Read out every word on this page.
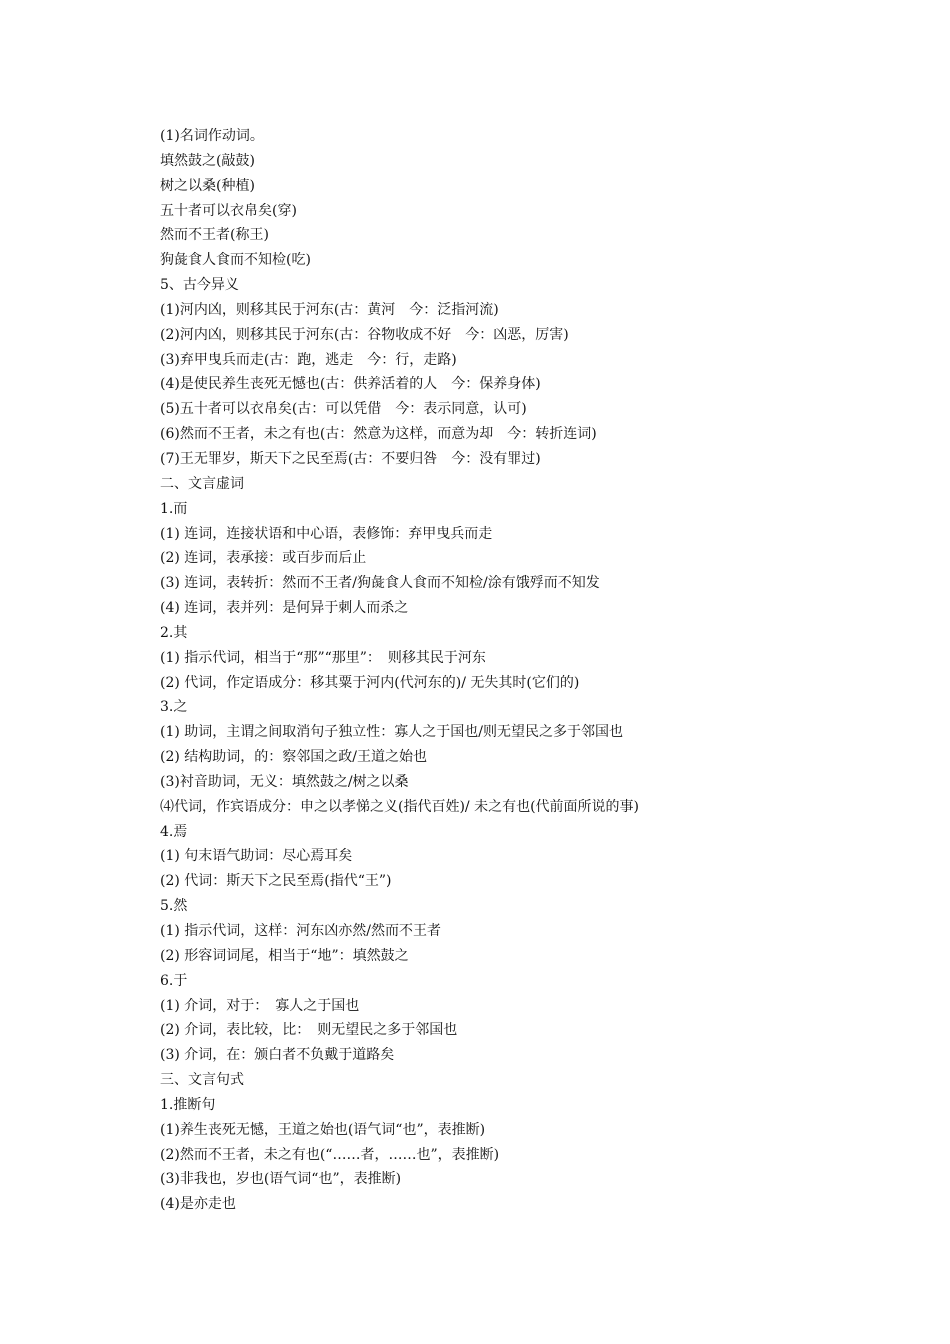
(1)名词作动词。
填然鼓之(敲鼓)
树之以桑(种植)
五十者可以衣帛矣(穿)
然而不王者(称王)
狗彘食人食而不知检(吃)
5、古今异义
(1)河内凶，则移其民于河东(古：黄河　今：泛指河流)
(2)河内凶，则移其民于河东(古：谷物收成不好　今：凶恶，厉害)
(3)弃甲曳兵而走(古：跑，逃走　今：行，走路)
(4)是使民养生丧死无憾也(古：供养活着的人　今：保养身体)
(5)五十者可以衣帛矣(古：可以凭借　今：表示同意，认可)
(6)然而不王者，未之有也(古：然意为这样，而意为却　今：转折连词)
(7)王无罪岁，斯天下之民至焉(古：不要归咎　今：没有罪过)
二、文言虚词
1.而
(1) 连词，连接状语和中心语，表修饰：弃甲曳兵而走
(2) 连词，表承接：或百步而后止
(3) 连词，表转折：然而不王者/狗彘食人食而不知检/涂有饿殍而不知发
(4) 连词，表并列：是何异于刺人而杀之
2.其
(1) 指示代词，相当于“那”“那里”：　则移其民于河东
(2) 代词，作定语成分：移其粟于河内(代河东的)/ 无失其时(它们的)
3.之
(1) 助词，主谓之间取消句子独立性：寡人之于国也/则无望民之多于邻国也
(2) 结构助词，的：察邻国之政/王道之始也
(3)衬音助词，无义：填然鼓之/树之以桑
⑷代词，作宾语成分：申之以孝悌之义(指代百姓)/ 未之有也(代前面所说的事)
4.焉
(1) 句末语气助词：尽心焉耳矣
(2) 代词：斯天下之民至焉(指代“王”)
5.然
(1) 指示代词，这样：河东凶亦然/然而不王者
(2) 形容词词尾，相当于“地”：填然鼓之
6.于
(1) 介词，对于：　寡人之于国也
(2) 介词，表比较，比：　则无望民之多于邻国也
(3) 介词，在：颁白者不负戴于道路矣
三、文言句式
1.推断句
(1)养生丧死无憾，王道之始也(语气词“也”，表推断)
(2)然而不王者，未之有也(“……者，……也”，表推断)
(3)非我也，岁也(语气词“也”，表推断)
(4)是亦走也
